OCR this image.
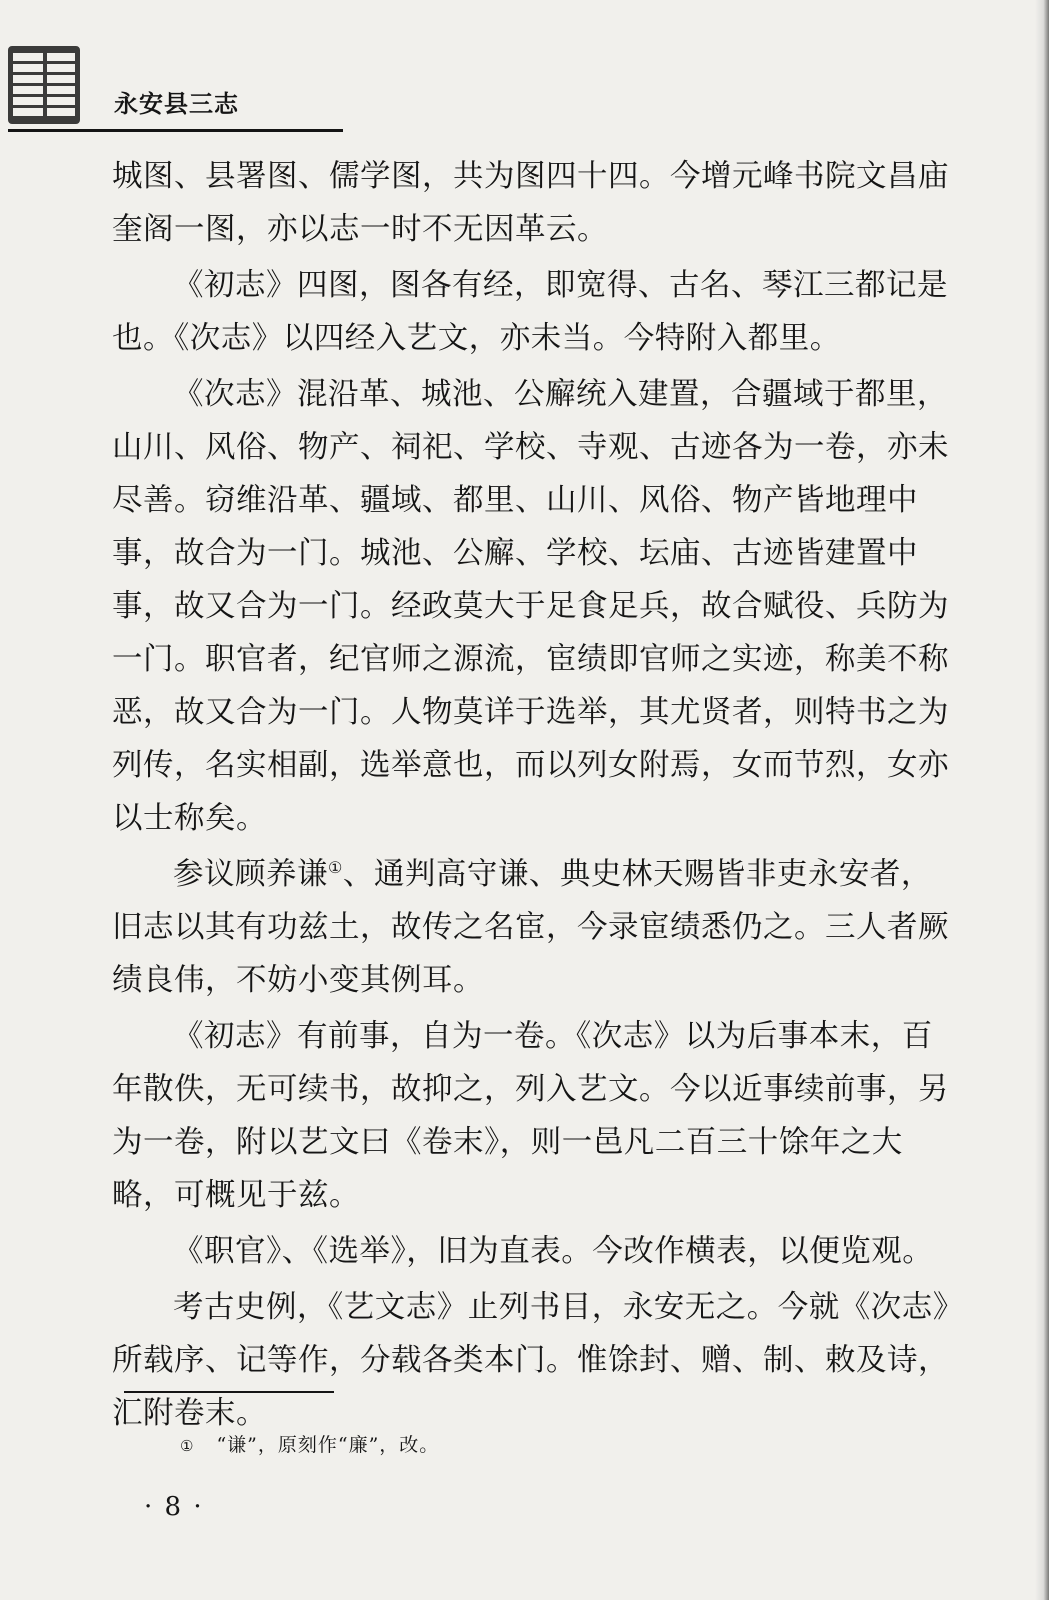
永安县三志

城图、县署图、儒学图，共为图四十四。今增元峰书院文昌庙奎阁一图，亦以志一时不无因革云。

《初志》四图，图各有经，即宽得、古名、琴江三都记是也。《次志》以四经入艺文，亦未当。今特附入都里。

《次志》混沿革、城池、公廨统入建置，合疆域于都里，山川、风俗、物产、祠祀、学校、寺观、古迹各为一卷，亦未尽善。窃维沿革、疆域、都里、山川、风俗、物产皆地理中事，故合为一门。城池、公廨、学校、坛庙、古迹皆建置中事，故又合为一门。经政莫大于足食足兵，故合赋役、兵防为一门。职官者，纪官师之源流，宦绩即官师之实迹，称美不称恶，故又合为一门。人物莫详于选举，其尤贤者，则特书之为列传，名实相副，选举意也，而以列女附焉，女而节烈，女亦以士称矣。

参议顾养谦①、通判高守谦、典史林天赐皆非吏永安者，旧志以其有功兹土，故传之名宦，今录宦绩悉仍之。三人者厥绩良伟，不妨小变其例耳。

《初志》有前事，自为一卷。《次志》以为后事本末，百年散佚，无可续书，故抑之，列入艺文。今以近事续前事，另为一卷，附以艺文曰《卷末》，则一邑凡二百三十馀年之大略，可概见于兹。

《职官》、《选举》，旧为直表。今改作横表，以便览观。

考古史例，《艺文志》止列书目，永安无之。今就《次志》所载序、记等作，分载各类本门。惟馀封、赠、制、敕及诗，汇附卷末。

① “谦”，原刻作“廉”，改。
· 8 ·
